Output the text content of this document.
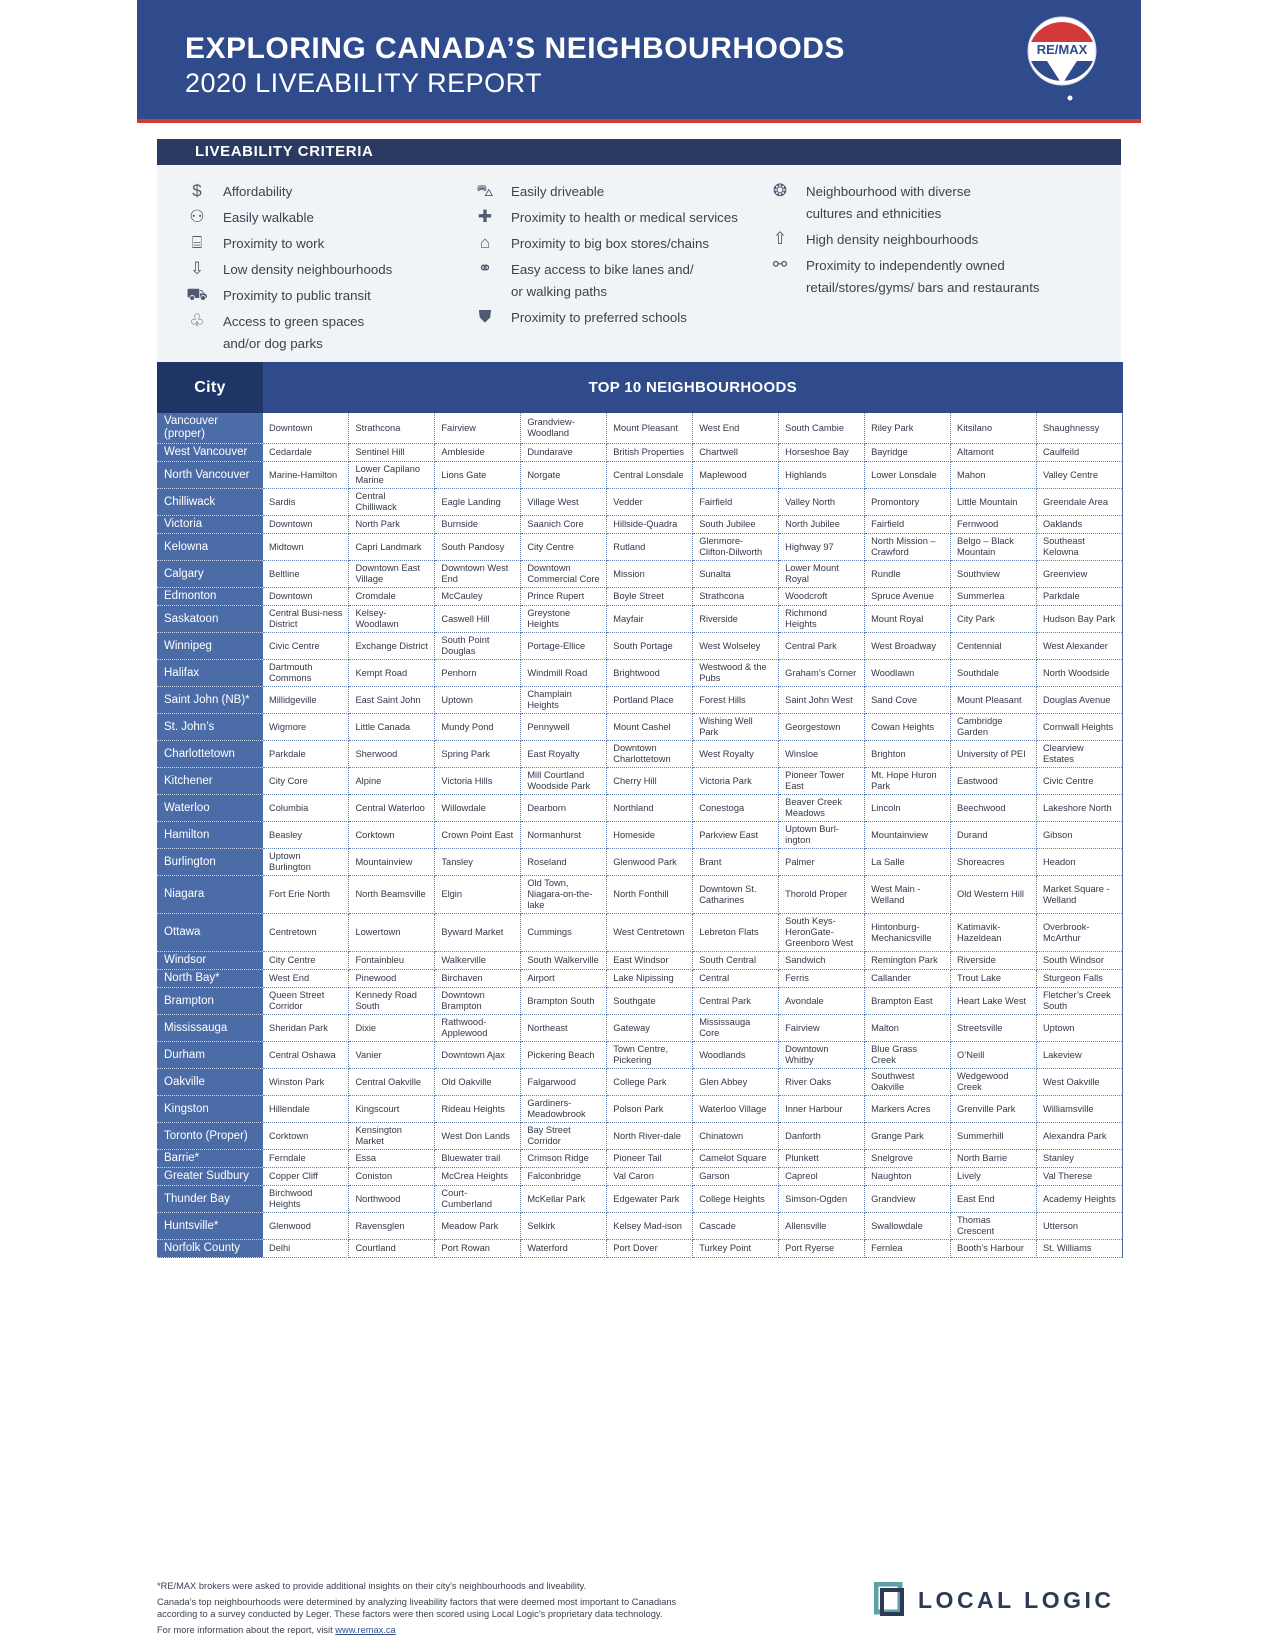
EXPLORING CANADA’S NEIGHBOURHOODS
2020 LIVEABILITY REPORT
RE/MAX
LIVEABILITY CRITERIA
$	Affordability
⚇	Easily walkable
⌸	Proximity to work
⇩	Low density neighbourhoods
⛟ Proximity to public transit
♧	Access to green spaces
and/or dog parks
⛍	Easily driveable
✚	Proximity to health or medical services
⌂	Proximity to big box stores/chains
⚭	Easy access to bike lanes and/
or walking paths
⛊	Proximity to preferred schools
❂	Neighbourhood with diverse
cultures and ethnicities
⇧	High density neighbourhoods
⚯	Proximity to independently owned
retail/stores/gyms/ bars and restaurants
City	TOP 10 NEIGHBOURHOODS									
Vancouver (proper)	Downtown	Strathcona	Fairview	Grandview-Woodland	Mount Pleasant	West End	South Cambie	Riley Park	Kitsilano	Shaughnessy
West Vancouver	Cedardale	Sentinel Hill	Ambleside	Dundarave	British Properties	Chartwell	Horseshoe Bay	Bayridge	Altamont	Caulfeild
North Vancouver	Marine-Hamilton	Lower Capilano Marine	Lions Gate	Norgate	Central Lonsdale	Maplewood	Highlands	Lower Lonsdale	Mahon	Valley Centre
Chilliwack	Sardis	Central Chilliwack	Eagle Landing	Village West	Vedder	Fairfield	Valley North	Promontory	Little Mountain	Greendale Area
Victoria	Downtown	North Park	Burnside	Saanich Core	Hillside-Quadra	South Jubilee	North Jubilee	Fairfield	Fernwood	Oaklands
Kelowna	Midtown	Capri Landmark	South Pandosy	City Centre	Rutland	Glenmore-Clifton-Dilworth	Highway 97	North Mission – Crawford	Belgo – Black Mountain	Southeast Kelowna
Calgary	Beltline	Downtown East Village	Downtown West End	Downtown Commercial Core	Mission	Sunalta	Lower Mount Royal	Rundle	Southview	Greenview
Edmonton	Downtown	Cromdale	McCauley	Prince Rupert	Boyle Street	Strathcona	Woodcroft	Spruce Avenue	Summerlea	Parkdale
Saskatoon	Central Busi-ness District	Kelsey-Woodlawn	Caswell Hill	Greystone Heights	Mayfair	Riverside	Richmond Heights	Mount Royal	City Park	Hudson Bay Park
Winnipeg	Civic Centre	Exchange District	South Point Douglas	Portage-Ellice	South Portage	West Wolseley	Central Park	West Broadway	Centennial	West Alexander
Halifax	Dartmouth Commons	Kempt Road	Penhorn	Windmill Road	Brightwood	Westwood & the Pubs	Graham’s Corner	Woodlawn	Southdale	North Woodside
Saint John (NB)*	Millidgeville	East Saint John	Uptown	Champlain Heights	Portland Place	Forest Hills	Saint John West	Sand Cove	Mount Pleasant	Douglas Avenue
St. John’s	Wigmore	Little Canada	Mundy Pond	Pennywell	Mount Cashel	Wishing Well Park	Georgestown	Cowan Heights	Cambridge Garden	Cornwall Heights
Charlottetown	Parkdale	Sherwood	Spring Park	East Royalty	Downtown Charlottetown	West Royalty	Winsloe	Brighton	University of PEI	Clearview Estates
Kitchener	City Core	Alpine	Victoria Hills	Mill Courtland Woodside Park	Cherry Hill	Victoria Park	Pioneer Tower East	Mt. Hope Huron Park	Eastwood	Civic Centre
Waterloo	Columbia	Central Waterloo	Willowdale	Dearborn	Northland	Conestoga	Beaver Creek Meadows	Lincoln	Beechwood	Lakeshore North
Hamilton	Beasley	Corktown	Crown Point East	Normanhurst	Homeside	Parkview East	Uptown Burl-ington	Mountainview	Durand	Gibson
Burlington	Uptown Burlington	Mountainview	Tansley	Roseland	Glenwood Park	Brant	Palmer	La Salle	Shoreacres	Headon
Niagara	Fort Erie North	North Beamsville	Elgin	Old Town, Niagara-on-the-lake	North Fonthill	Downtown St. Catharines	Thorold Proper	West Main - Welland	Old Western Hill	Market Square - Welland
Ottawa	Centretown	Lowertown	Byward Market	Cummings	West Centretown	Lebreton Flats	South Keys-HeronGate-Greenboro West	Hintonburg-Mechanicsville	Katimavik-Hazeldean	Overbrook-McArthur
Windsor	City Centre	Fontainbleu	Walkerville	South Walkerville	East Windsor	South Central	Sandwich	Remington Park	Riverside	South Windsor
North Bay*	West End	Pinewood	Birchaven	Airport	Lake Nipissing	Central	Ferris	Callander	Trout Lake	Sturgeon Falls
Brampton	Queen Street Corridor	Kennedy Road South	Downtown Brampton	Brampton South	Southgate	Central Park	Avondale	Brampton East	Heart Lake West	Fletcher’s Creek South
Mississauga	Sheridan Park	Dixie	Rathwood-Applewood	Northeast	Gateway	Mississauga Core	Fairview	Malton	Streetsville	Uptown
Durham	Central Oshawa	Vanier	Downtown Ajax	Pickering Beach	Town Centre, Pickering	Woodlands	Downtown Whitby	Blue Grass Creek	O’Neill	Lakeview
Oakville	Winston Park	Central Oakville	Old Oakville	Falgarwood	College Park	Glen Abbey	River Oaks	Southwest Oakville	Wedgewood Creek	West Oakville
Kingston	Hillendale	Kingscourt	Rideau Heights	Gardiners-Meadowbrook	Polson Park	Waterloo Village	Inner Harbour	Markers Acres	Grenville Park	Williamsville
Toronto (Proper)	Corktown	Kensington Market	West Don Lands	Bay Street Corridor	North River-dale	Chinatown	Danforth	Grange Park	Summerhill	Alexandra Park
Barrie*	Ferndale	Essa	Bluewater trail	Crimson Ridge	Pioneer Tail	Camelot Square	Plunkett	Snelgrove	North Barrie	Stanley
Greater Sudbury	Copper Cliff	Coniston	McCrea Heights	Falconbridge	Val Caron	Garson	Capreol	Naughton	Lively	Val Therese
Thunder Bay	Birchwood Heights	Northwood	Court-Cumberland	McKellar Park	Edgewater Park	College Heights	Simson-Ogden	Grandview	East End	Academy Heights
Huntsville*	Glenwood	Ravensglen	Meadow Park	Selkirk	Kelsey Mad-ison	Cascade	Allensville	Swallowdale	Thomas Crescent	Utterson
Norfolk County	Delhi	Courtland	Port Rowan	Waterford	Port Dover	Turkey Point	Port Ryerse	Fernlea	Booth’s Harbour	St. Williams

*RE/MAX brokers were asked to provide additional insights on their city’s neighbourhoods and liveability.

Canada’s top neighbourhoods were determined by analyzing liveability factors that were deemed most important to Canadians
according to a survey conducted by Leger. These factors were then scored using Local Logic’s proprietary data technology.

For more information about the report, visit www.remax.ca

LOCAL LOGIC
